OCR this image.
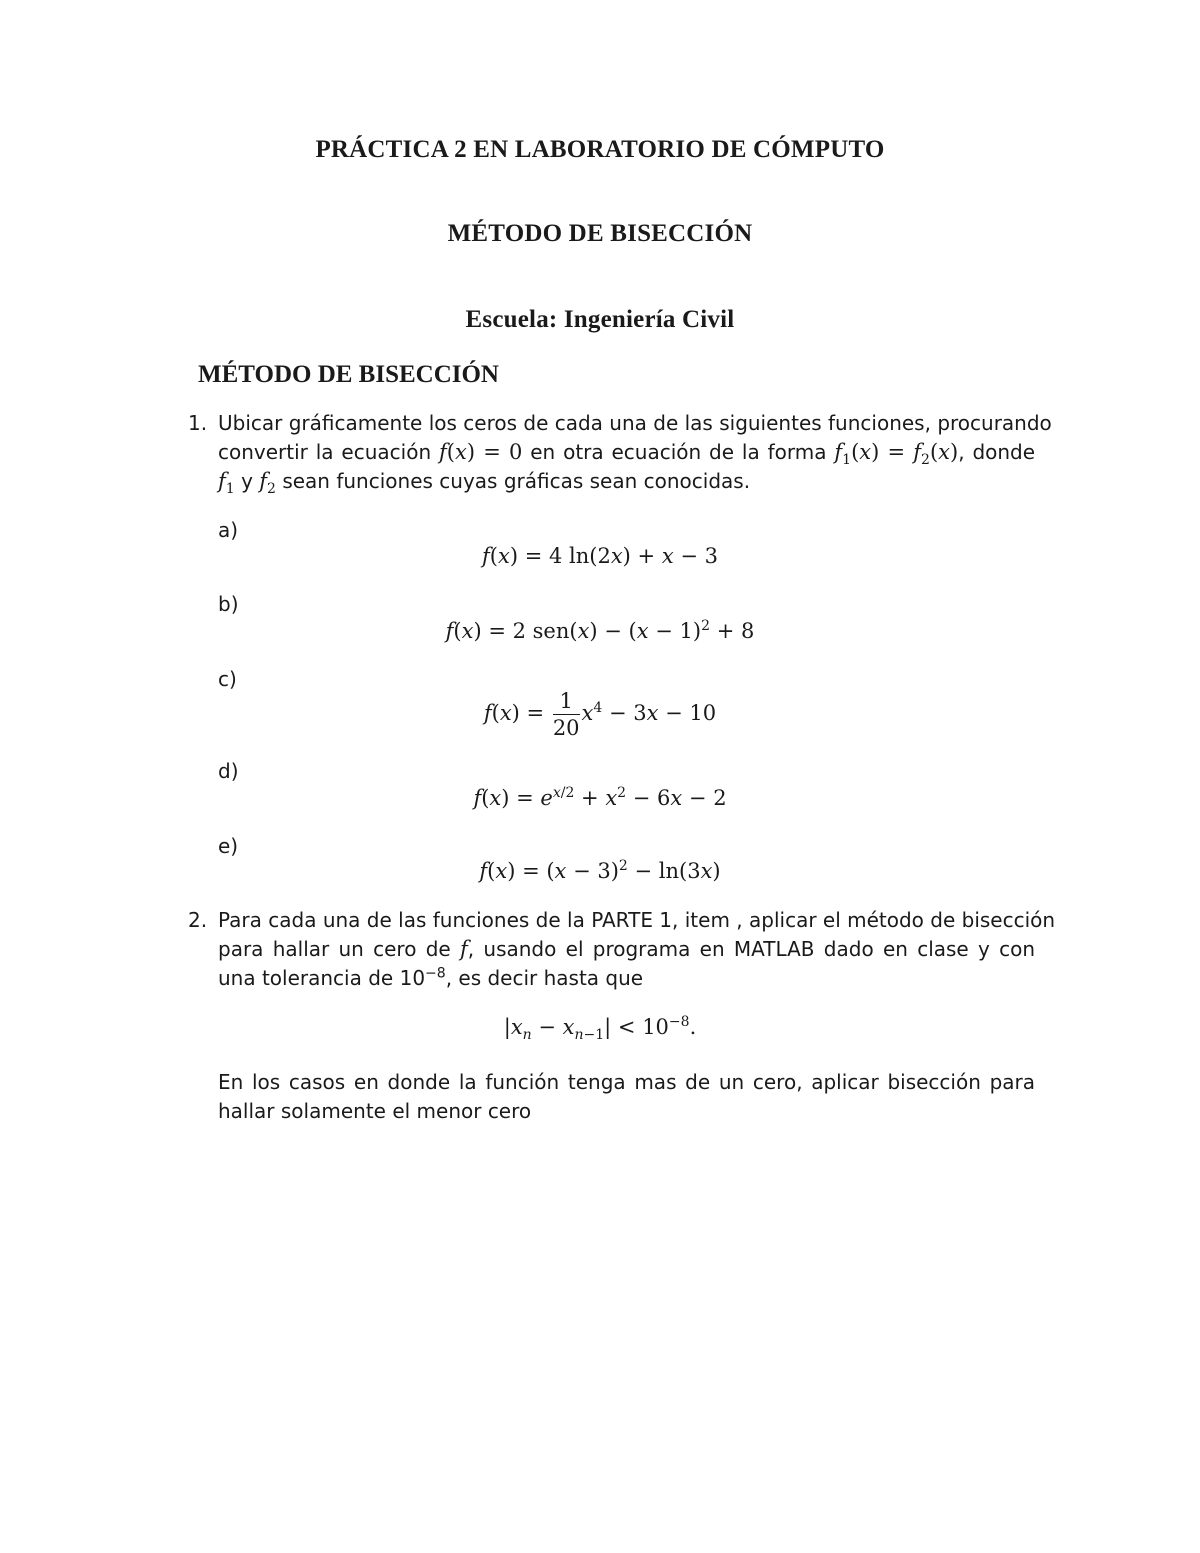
PRÁCTICA 2 EN LABORATORIO DE CÓMPUTO
MÉTODO DE BISECCIÓN
Escuela: Ingeniería Civil
MÉTODO DE BISECCIÓN
1. Ubicar gráficamente los ceros de cada una de las siguientes funciones, procurando
convertir la ecuación f(x) = 0 en otra ecuación de la forma $f_1(x) = f_2(x)$, donde
$f_1$ y $f_2$ sean funciones cuyas gráficas sean conocidas.
a)
f(x) = 4 ln(2x) + x − 3
b)
f(x) = 2 $sen(x) - (x - 1)^2 + 8$
c)
$f(x) = \frac{1}{20} x^4 - 3x - 10$
d)
$f(x) = e^{x/2} + x^2 - 6x - 2$
e)
$f(x) = (x - 3)^2 - \ln(3x)$
2. Para cada una de las funciones de la PARTE 1, item , aplicar el método de bisección
para hallar un cero de f, usando el programa en MATLAB dado en clase y con
una tolerancia de $10^{-8}$, es decir hasta que
$|x_n - x_{n-1}| < 10^{-8}$.
En los casos en donde la función tenga mas de un cero, aplicar bisección para
hallar solamente el menor cero
